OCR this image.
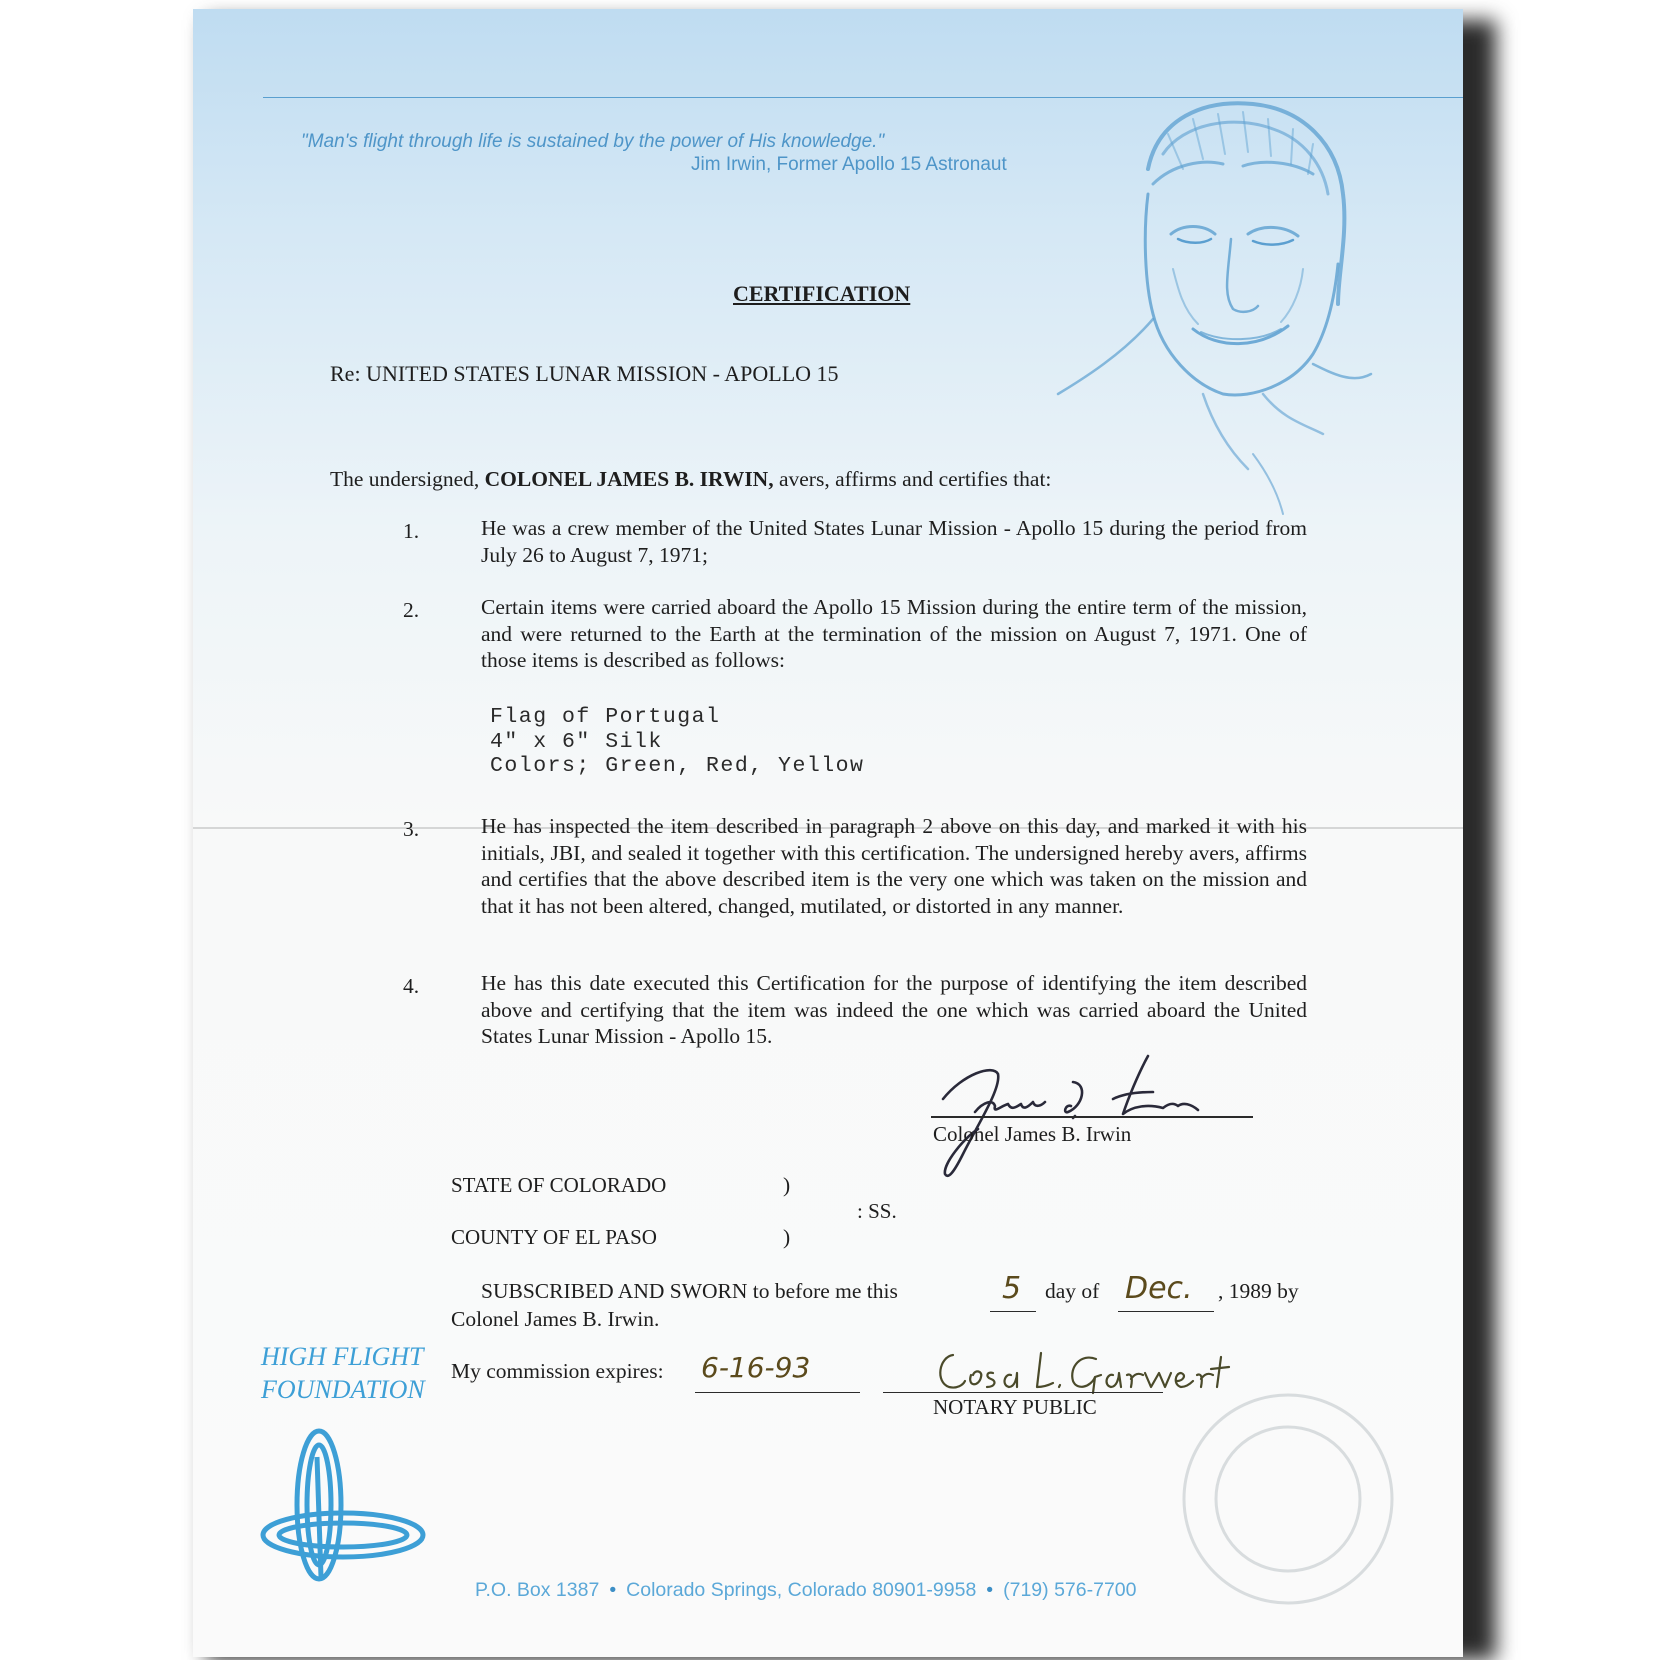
"Man's flight through life is sustained by the power of His knowledge."
Jim Irwin, Former Apollo 15 Astronaut
CERTIFICATION
Re: UNITED STATES LUNAR MISSION - APOLLO 15
The undersigned, COLONEL JAMES B. IRWIN, avers, affirms and certifies that:
1.	He was a crew member of the United States Lunar Mission - Apollo 15 during the period from July 26 to August 7, 1971;
2.	Certain items were carried aboard the Apollo 15 Mission during the entire term of the mission, and were returned to the Earth at the termination of the mission on August 7, 1971. One of those items is described as follows:
Flag of Portugal
4" x 6" Silk
Colors; Green, Red, Yellow
3.	He has inspected the item described in paragraph 2 above on this day, and marked it with his initials, JBI, and sealed it together with this certification. The undersigned hereby avers, affirms and certifies that the above described item is the very one which was taken on the mission and that it has not been altered, changed, mutilated, or distorted in any manner.
4.	He has this date executed this Certification for the purpose of identifying the item described above and certifying that the item was indeed the one which was carried aboard the United States Lunar Mission - Apollo 15.
Colonel James B. Irwin
STATE OF COLORADO	)
: SS.
COUNTY OF EL PASO	)
SUBSCRIBED AND SWORN to before me this	5 day of Dec. , 1989 by
Colonel James B. Irwin.
HIGH FLIGHT
FOUNDATION
My commission expires: 6-16-93
NOTARY PUBLIC
P.O. Box 1387 • Colorado Springs, Colorado 80901-9958 • (719) 576-7700
